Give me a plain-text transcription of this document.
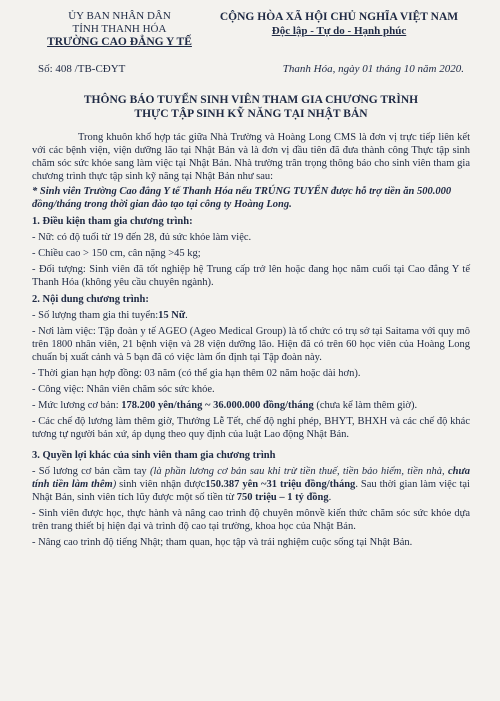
ỦY BAN NHÂN DÂN
TỈNH THANH HÓA
TRƯỜNG CAO ĐẲNG Y TẾ
CỘNG HÒA XÃ HỘI CHỦ NGHĨA VIỆT NAM
Độc lập - Tự do - Hạnh phúc
Số: 408 /TB-CĐYT	Thanh Hóa, ngày 01 tháng 10 năm 2020.
THÔNG BÁO TUYỂN SINH VIÊN THAM GIA CHƯƠNG TRÌNH
THỰC TẬP SINH KỸ NĂNG TẠI NHẬT BẢN

Trong khuôn khổ hợp tác giữa Nhà Trường và Hoàng Long CMS là đơn vị trực tiếp liên kết với các bệnh viện, viện dưỡng lão tại Nhật Bản và là đơn vị đầu tiên đã đưa thành công Thực tập sinh chăm sóc sức khỏe sang làm việc tại Nhật Bản. Nhà trường trân trọng thông báo cho sinh viên tham gia chương trình thực tập sinh kỹ năng tại Nhật Bản như sau:

* Sinh viên Trường Cao đẳng Y tế Thanh Hóa nếu TRÚNG TUYỂN được hỗ trợ tiền ăn 500.000 đồng/tháng trong thời gian đào tạo tại công ty Hoàng Long.

1. Điều kiện tham gia chương trình:

- Nữ: có độ tuổi từ 19 đến 28, đủ sức khỏe làm việc.

- Chiều cao > 150 cm, cân nặng >45 kg;

- Đối tượng: Sinh viên đã tốt nghiệp hệ Trung cấp trở lên hoặc đang học năm cuối tại Cao đẳng Y tế Thanh Hóa (không yêu cầu chuyên ngành).

2. Nội dung chương trình:

- Số lượng tham gia thi tuyển:15 Nữ.

- Nơi làm việc: Tập đoàn y tế AGEO (Ageo Medical Group) là tổ chức có trụ sở tại Saitama với quy mô trên 1800 nhân viên, 21 bệnh viện và 28 viện dưỡng lão. Hiện đã có trên 60 học viên của Hoàng Long chuẩn bị xuất cảnh và 5 bạn đã có việc làm ổn định tại Tập đoàn này.

- Thời gian hạn hợp đồng: 03 năm (có thể gia hạn thêm 02 năm hoặc dài hơn).

- Công việc: Nhân viên chăm sóc sức khỏe.

- Mức lương cơ bản: 178.200 yên/tháng ~ 36.000.000 đồng/tháng (chưa kể làm thêm giờ).

- Các chế độ lương làm thêm giờ, Thưởng Lễ Tết, chế độ nghỉ phép, BHYT, BHXH và các chế độ khác tương tự người bản xứ, áp dụng theo quy định của luật Lao động Nhật Bản.

3. Quyền lợi khác của sinh viên tham gia chương trình

- Số lương cơ bản cầm tay (là phần lương cơ bản sau khi trừ tiền thuế, tiền bảo hiểm, tiền nhà, chưa tính tiền làm thêm) sinh viên nhận được150.387 yên ~31 triệu đồng/tháng. Sau thời gian làm việc tại Nhật Bản, sinh viên tích lũy được một số tiền từ 750 triệu – 1 tỷ đồng.

- Sinh viên được học, thực hành và nâng cao trình độ chuyên mônvề kiến thức chăm sóc sức khỏe dựa trên trang thiết bị hiện đại và trình độ cao tại trường, khoa học của Nhật Bản.

- Nâng cao trình độ tiếng Nhật; tham quan, học tập và trải nghiệm cuộc sống tại Nhật Bản.
